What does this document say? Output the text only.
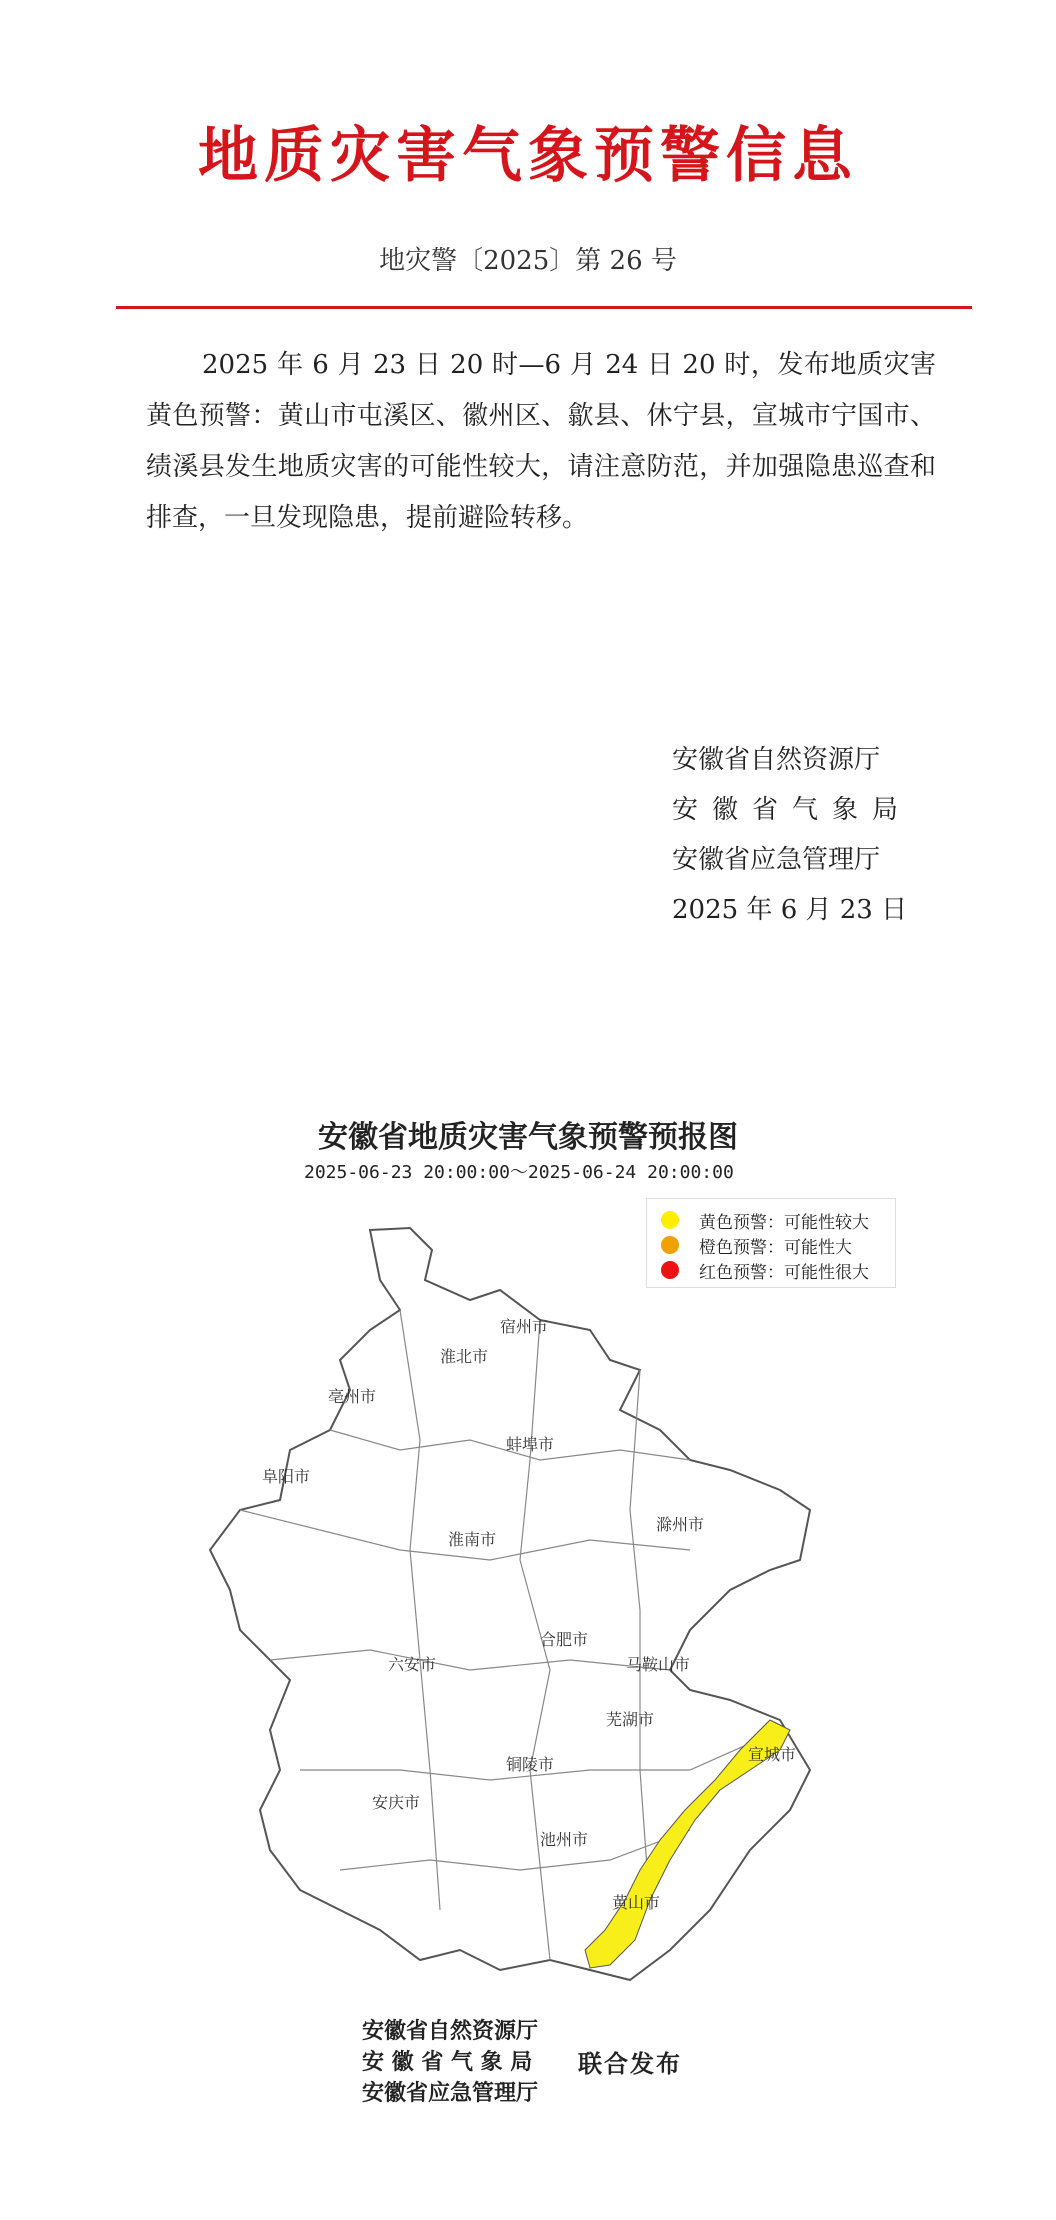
地质灾害气象预警信息
地灾警〔2025〕第 26 号
2025 年 6 月 23 日 20 时—6 月 24 日 20 时，发布地质灾害黄色预警：黄山市屯溪区、徽州区、歙县、休宁县，宣城市宁国市、绩溪县发生地质灾害的可能性较大，请注意防范，并加强隐患巡查和排查，一旦发现隐患，提前避险转移。
安徽省自然资源厅
安徽省气象局
安徽省应急管理厅
2025 年 6 月 23 日
安徽省地质灾害气象预警预报图
2025-06-23 20:00:00～2025-06-24 20:00:00
黄色预警：可能性较大
橙色预警：可能性大
红色预警：可能性很大
宿州市
淮北市
亳州市
蚌埠市
阜阳市
淮南市
滁州市
合肥市
六安市	马鞍山市
芜湖市
宣城市
铜陵市
安庆市
池州市
黄山市
安徽省自然资源厅
安 徽 省 气 象 局
安徽省应急管理厅
联合发布
